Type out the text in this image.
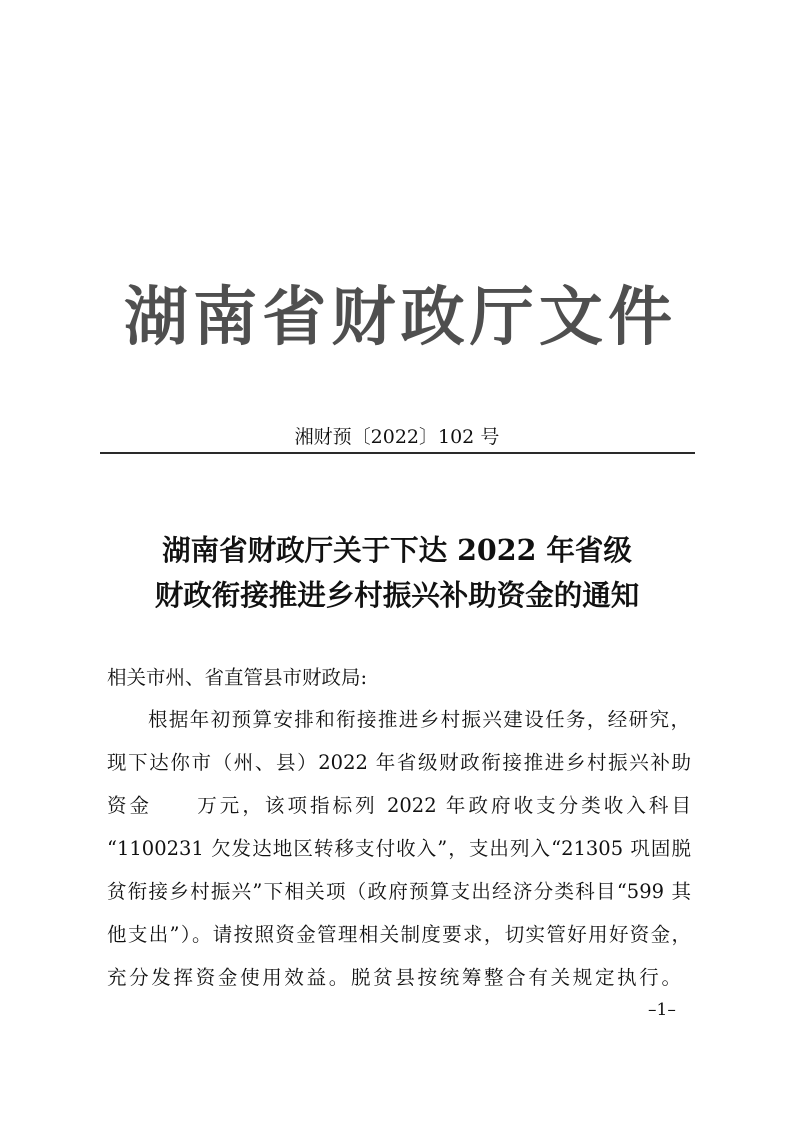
湖南省财政厅文件
湘财预〔2022〕102 号
湖南省财政厅关于下达 2022 年省级
财政衔接推进乡村振兴补助资金的通知
相关市州、省直管县市财政局:
根据年初预算安排和衔接推进乡村振兴建设任务，经研究，
现下达你市（州、县）2022 年省级财政衔接推进乡村振兴补助
资金　　万元，该项指标列 2022 年政府收支分类收入科目
“1100231 欠发达地区转移支付收入”，支出列入“21305 巩固脱
贫衔接乡村振兴”下相关项（政府预算支出经济分类科目“599 其
他支出”）。请按照资金管理相关制度要求，切实管好用好资金，
充分发挥资金使用效益。脱贫县按统筹整合有关规定执行。
–1–
